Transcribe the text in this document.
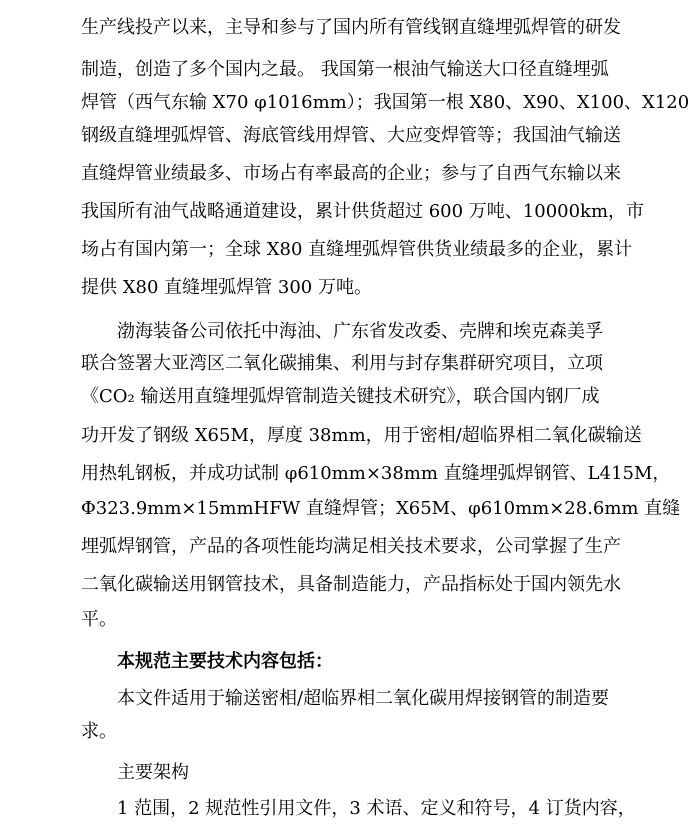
生产线投产以来，主导和参与了国内所有管线钢直缝埋弧焊管的研发
制造，创造了多个国内之最。 我国第一根油气输送大口径直缝埋弧
焊管（西气东输 X70 φ1016mm）；我国第一根 X80、X90、X100、X120
钢级直缝埋弧焊管、海底管线用焊管、大应变焊管等；我国油气输送
直缝焊管业绩最多、市场占有率最高的企业；参与了自西气东输以来
我国所有油气战略通道建设，累计供货超过 600 万吨、10000km，市
场占有国内第一；全球 X80 直缝埋弧焊管供货业绩最多的企业，累计
提供 X80 直缝埋弧焊管 300 万吨。
渤海装备公司依托中海油、广东省发改委、壳牌和埃克森美孚
联合签署大亚湾区二氧化碳捕集、利用与封存集群研究项目，立项
《CO₂ 输送用直缝埋弧焊管制造关键技术研究》，联合国内钢厂成
功开发了钢级 X65M，厚度 38mm，用于密相/超临界相二氧化碳输送
用热轧钢板，并成功试制 φ610mm×38mm 直缝埋弧焊钢管、L415M，
Φ323.9mm×15mmHFW 直缝焊管；X65M、φ610mm×28.6mm 直缝
埋弧焊钢管，产品的各项性能均满足相关技术要求，公司掌握了生产
二氧化碳输送用钢管技术，具备制造能力，产品指标处于国内领先水
平。
本规范主要技术内容包括：
本文件适用于输送密相/超临界相二氧化碳用焊接钢管的制造要
求。
主要架构
1 范围，2 规范性引用文件，3 术语、定义和符号，4 订货内容，
